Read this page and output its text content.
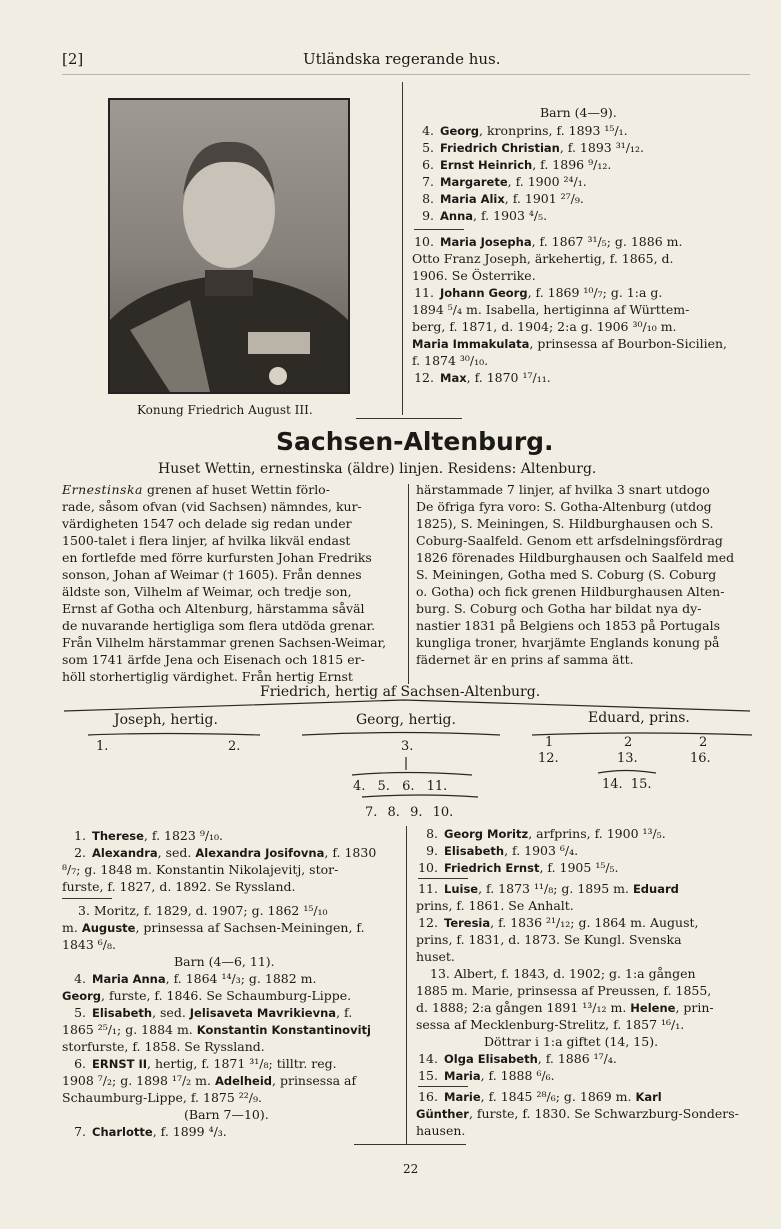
[2]	Utländska regerande hus.
Konung Friedrich August III.
Barn (4—9).
4. Georg, kronprins, f. 1893 ¹⁵/₁.
5. Friedrich Christian, f. 1893 ³¹/₁₂.
6. Ernst Heinrich, f. 1896 ⁹/₁₂.
7. Margarete, f. 1900 ²⁴/₁.
8. Maria Alix, f. 1901 ²⁷/₉.
9. Anna, f. 1903 ⁴/₅.
10. Maria Josepha, f. 1867 ³¹/₅; g. 1886 m.
Otto Franz Joseph, ärkehertig, f. 1865, d.
1906. Se Österrike.
11. Johann Georg, f. 1869 ¹⁰/₇; g. 1:a g.
1894 ⁵/₄ m. Isabella, hertiginna af Württem-
berg, f. 1871, d. 1904; 2:a g. 1906 ³⁰/₁₀ m.
Maria Immakulata, prinsessa af Bourbon-Sicilien,
f. 1874 ³⁰/₁₀.
12. Max, f. 1870 ¹⁷/₁₁.
Sachsen-Altenburg.
Huset Wettin, ernestinska (äldre) linjen. Residens: Altenburg.
Ernestinska grenen af huset Wettin förlo-
rade, såsom ofvan (vid Sachsen) nämndes, kur-
värdigheten 1547 och delade sig redan under
1500-talet i flera linjer, af hvilka likväl endast
en fortlefde med förre kurfursten Johan Fredriks
sonson, Johan af Weimar († 1605). Från dennes
äldste son, Vilhelm af Weimar, och tredje son,
Ernst af Gotha och Altenburg, härstamma såväl
de nuvarande hertigliga som flera utdöda grenar.
Från Vilhelm härstammar grenen Sachsen-Weimar,
som 1741 ärfde Jena och Eisenach och 1815 er-
höll storhertiglig värdighet. Från hertig Ernst
härstammade 7 linjer, af hvilka 3 snart utdogo
De öfriga fyra voro: S. Gotha-Altenburg (utdog
1825), S. Meiningen, S. Hildburghausen och S.
Coburg-Saalfeld. Genom ett arfsdelningsfördrag
1826 förenades Hildburghausen och Saalfeld med
S. Meiningen, Gotha med S. Coburg (S. Coburg
o. Gotha) och fick grenen Hildburghausen Alten-
burg. S. Coburg och Gotha har bildat nya dy-
nastier 1831 på Belgiens och 1853 på Portugals
kungliga troner, hvarjämte Englands konung på
fädernet är en prins af samma ätt.
Friedrich, hertig af Sachsen-Altenburg.
Joseph, hertig.	Georg, hertig.	Eduard, prins.
1.	2.	3.	1	2	2
12.	13.	16.
4. 5. 6. 11.	14. 15.
7. 8. 9. 10.
1. Therese, f. 1823 ⁹/₁₀.
2. Alexandra, sed. Alexandra Josifovna, f. 1830
⁸/₇; g. 1848 m. Konstantin Nikolajevitj, stor-
furste, f. 1827, d. 1892. Se Ryssland.
3. Moritz, f. 1829, d. 1907; g. 1862 ¹⁵/₁₀
m. Auguste, prinsessa af Sachsen-Meiningen, f.
1843 ⁶/₈.
Barn (4—6, 11).
4. Maria Anna, f. 1864 ¹⁴/₃; g. 1882 m.
Georg, furste, f. 1846. Se Schaumburg-Lippe.
5. Elisabeth, sed. Jelisaveta Mavrikievna, f.
1865 ²⁵/₁; g. 1884 m. Konstantin Konstantinovitj
storfurste, f. 1858. Se Ryssland.
6. ERNST II, hertig, f. 1871 ³¹/₈; tilltr. reg.
1908 ⁷/₂; g. 1898 ¹⁷/₂ m. Adelheid, prinsessa af
Schaumburg-Lippe, f. 1875 ²²/₉.
(Barn 7—10).
7. Charlotte, f. 1899 ⁴/₃.
8. Georg Moritz, arfprins, f. 1900 ¹³/₅.
9. Elisabeth, f. 1903 ⁶/₄.
10. Friedrich Ernst, f. 1905 ¹⁵/₅.
11. Luise, f. 1873 ¹¹/₈; g. 1895 m. Eduard
prins, f. 1861. Se Anhalt.
12. Teresia, f. 1836 ²¹/₁₂; g. 1864 m. August,
prins, f. 1831, d. 1873. Se Kungl. Svenska
huset.
13. Albert, f. 1843, d. 1902; g. 1:a gången
1885 m. Marie, prinsessa af Preussen, f. 1855,
d. 1888; 2:a gången 1891 ¹³/₁₂ m. Helene, prin-
sessa af Mecklenburg-Strelitz, f. 1857 ¹⁶/₁.
Döttrar i 1:a giftet (14, 15).
14. Olga Elisabeth, f. 1886 ¹⁷/₄.
15. Maria, f. 1888 ⁶/₆.
16. Marie, f. 1845 ²⁸/₆; g. 1869 m. Karl
Günther, furste, f. 1830. Se Schwarzburg-Sonders-
hausen.
22
